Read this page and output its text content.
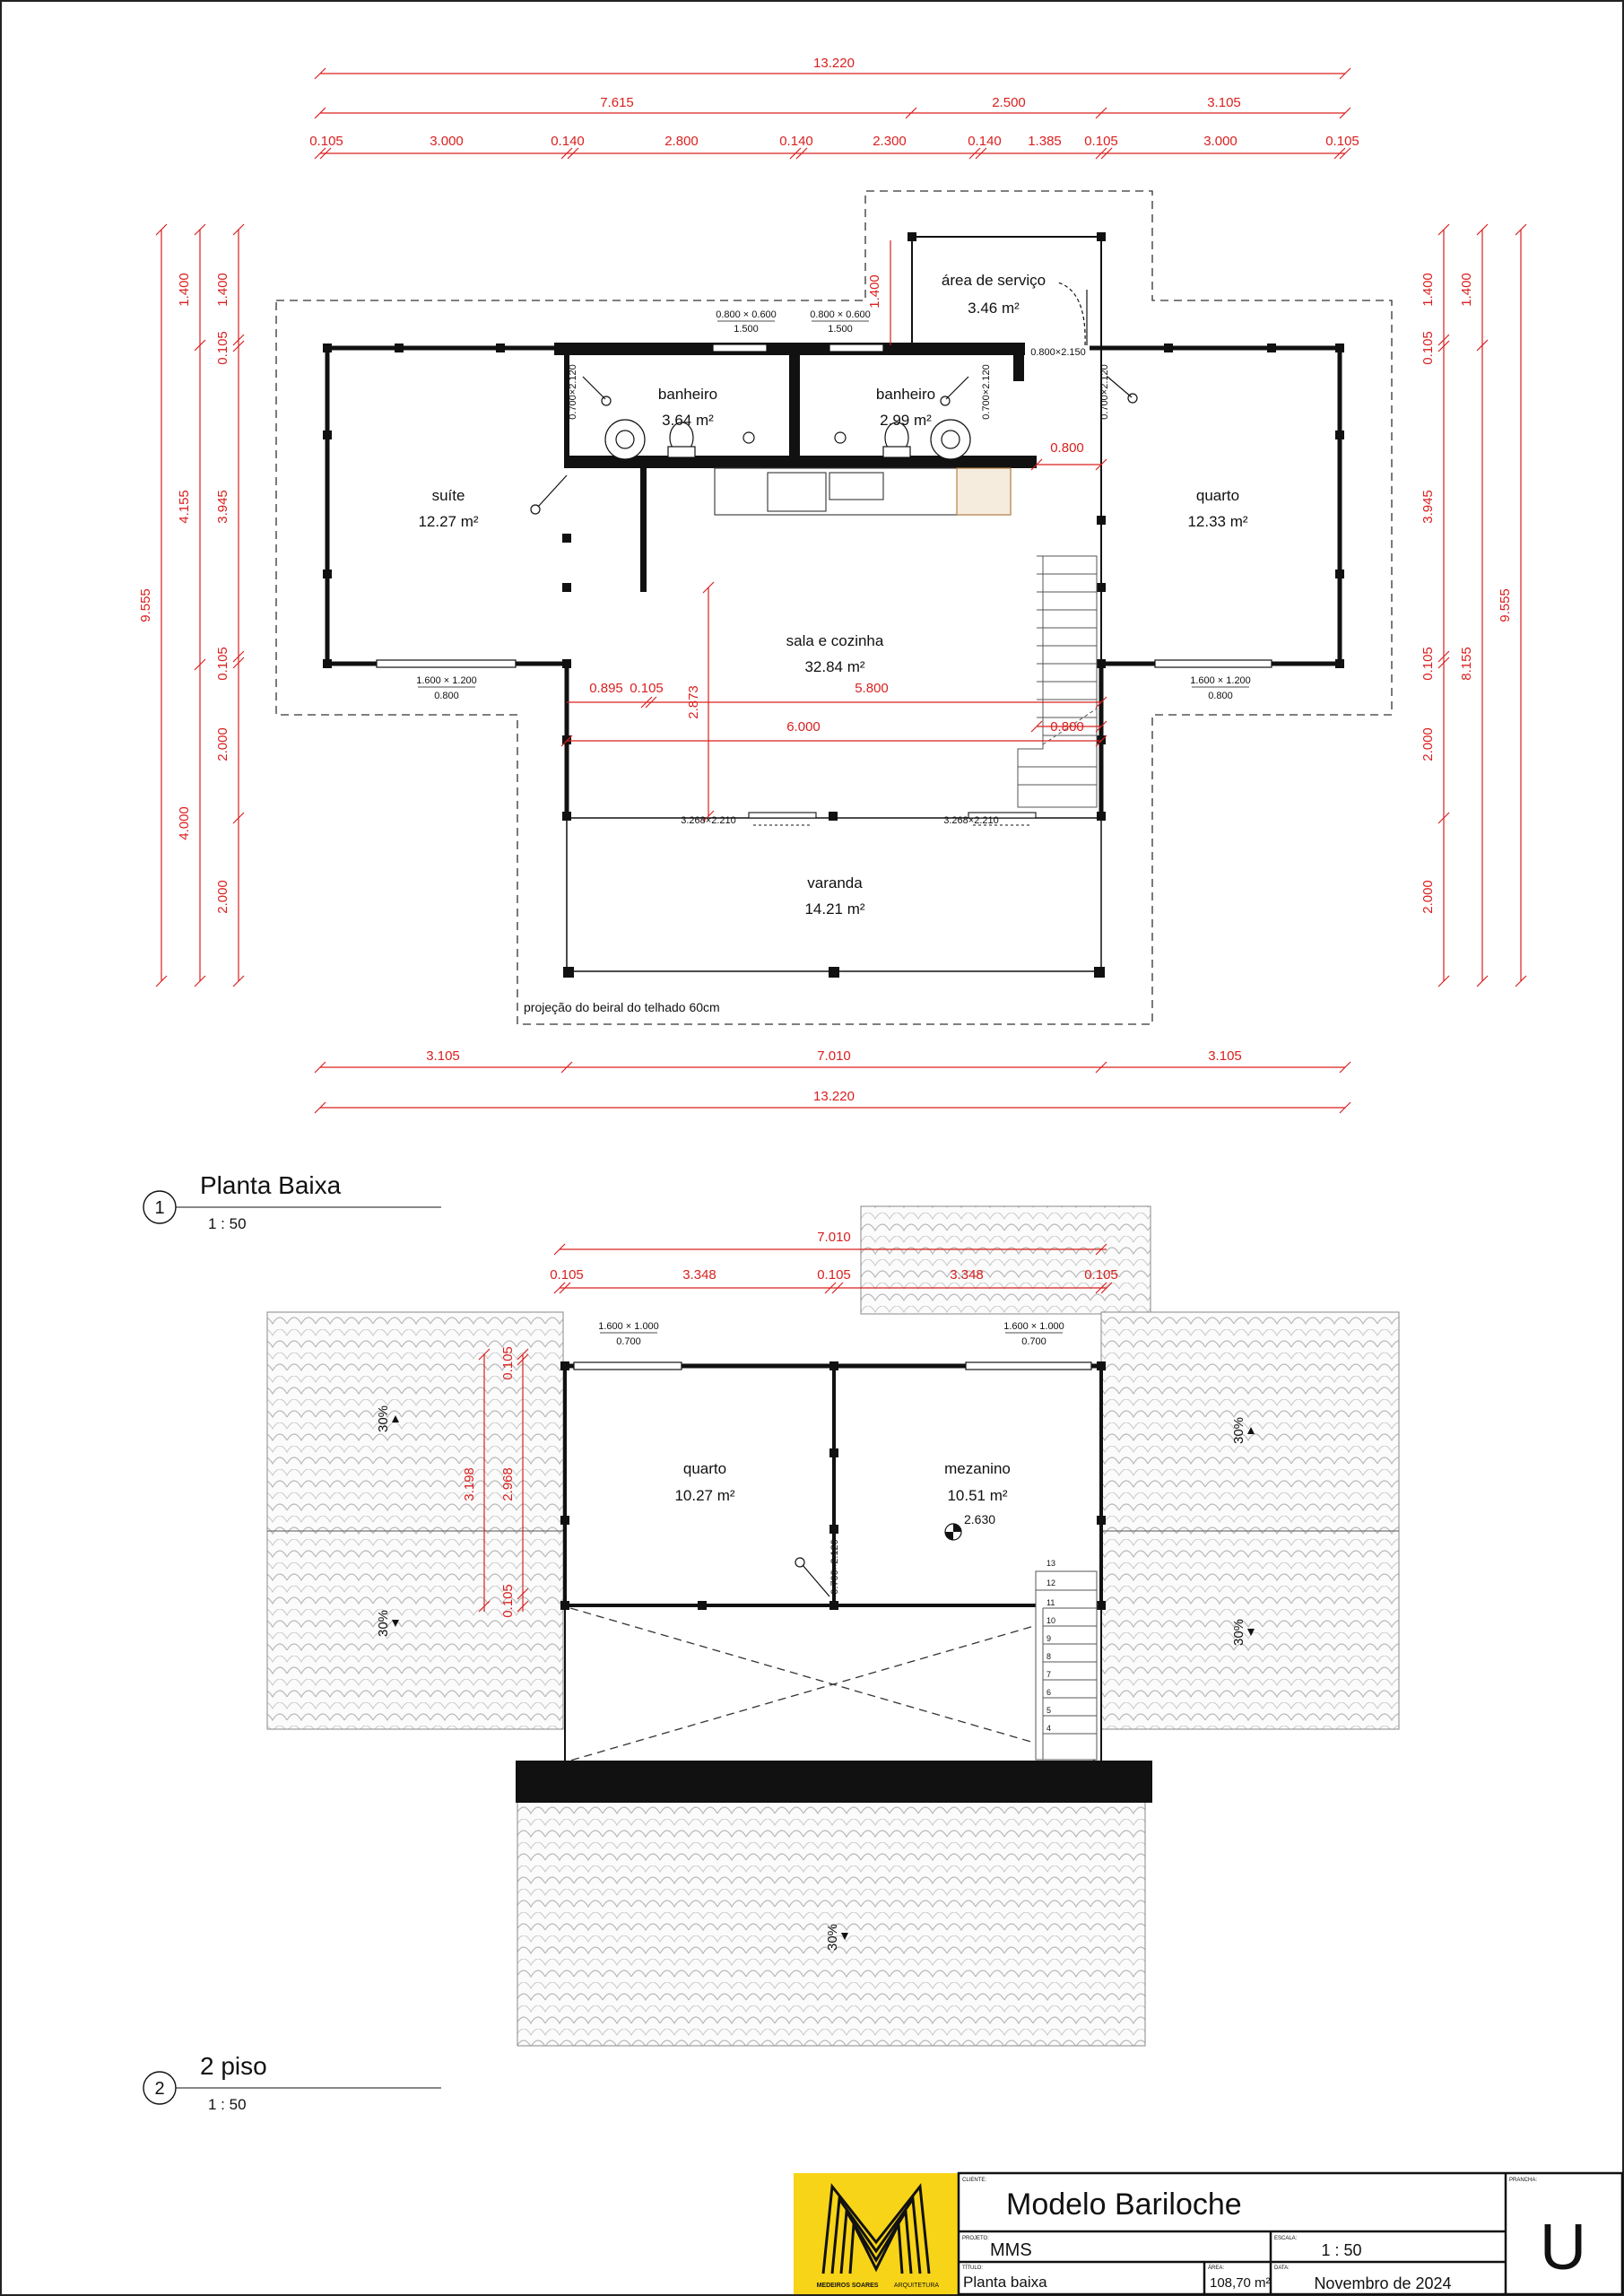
13.220
7.615	2.500	3.105
0.105	3.000	0.140	2.800	0.140	2.300	0.140 1.385 0.105	3.000	0.105
3.105	7.010	3.105
13.220
9.555
1.400
4.155
4.000
1.400
0.105
3.945
0.105
2.000
2.000
1.400
0.105
3.945
0.105
2.000
2.000
1.400
8.155
9.555
0.895 0.105	5.800
6.000
2.873
0.800
0.800
1.400	área de serviço
3.46 m²
banheiro
3.64 m²
banheiro
2.99 m²
suíte
12.27 m²
quarto
12.33 m²
sala e cozinha
32.84 m²
varanda
14.21 m²
0.800 × 0.600
1.500
0.800 × 0.600
1.500
1.600 × 1.200
0.800
1.600 × 1.200
0.800
0.800×2.150
0.700×2.120	0.700×2.120	0.700×2.120
3.268×2.210	3.268×2.210
projeção do beiral do telhado 60cm
1
Planta Baixa
1 : 50
13
12
11
10
9
8
7
6
5
4
7.010
0.105	3.348	0.105	3.348	0.105
3.198 2.968
0.105
0.105
quarto
10.27 m²
mezanino
10.51 m²
2.630
1.600 × 1.000
0.700
1.600 × 1.000
0.700
0.700×2.120
30%
30%
30%
30%
30%
2
2 piso
1 : 50
MEDEIROS SOARES ARQUITETURA
CLIENTE:
Modelo Bariloche
PROJETO:
MMS
ESCALA:
1 : 50
TÍTULO:
Planta baixa
ÁREA:
108,70 m²
DATA:
Novembro de 2024
PRANCHA:
U
